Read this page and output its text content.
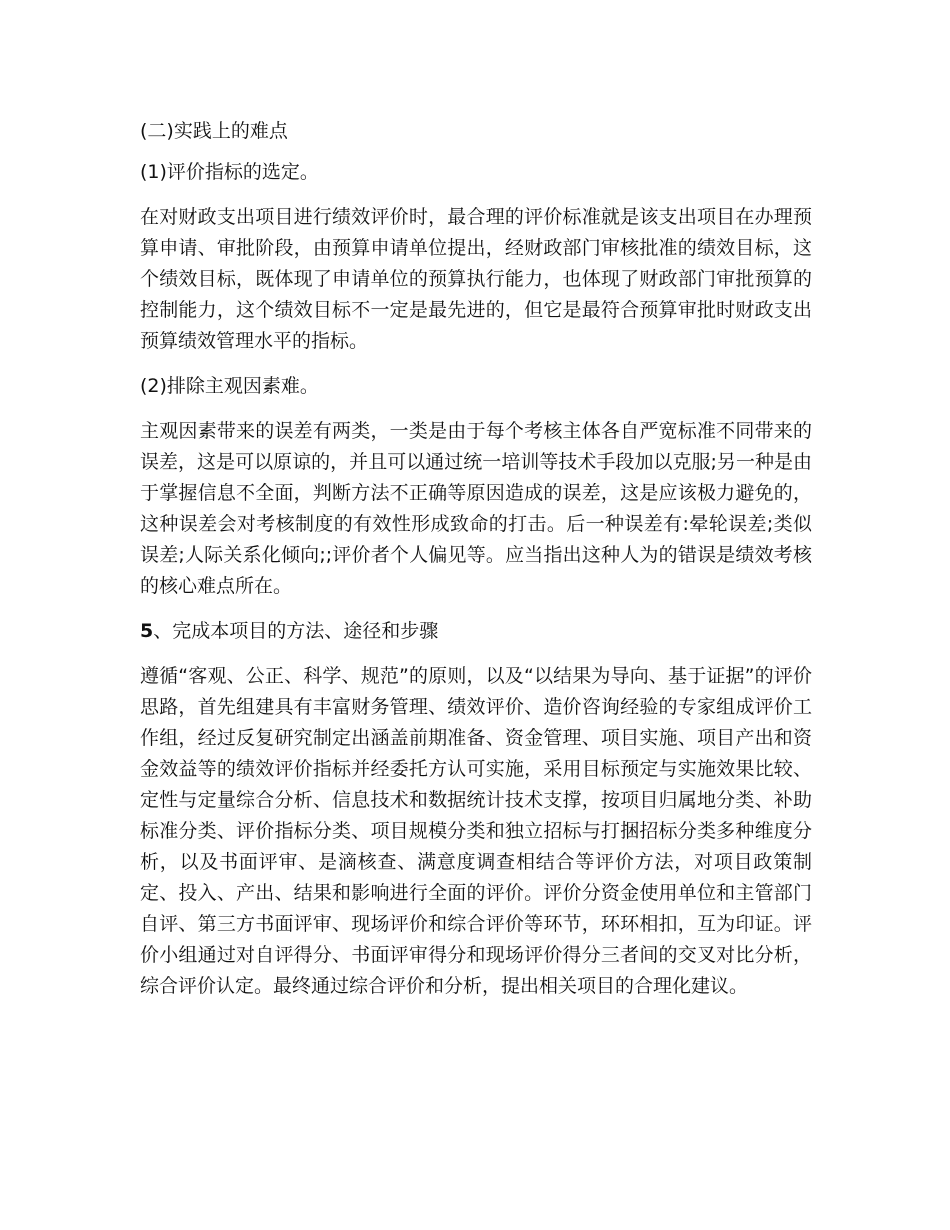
(二)实践上的难点

(1)评价指标的选定。

在对财政支出项目进行绩效评价时，最合理的评价标准就是该支出项目在办理预算申请、审批阶段，由预算申请单位提出，经财政部门审核批准的绩效目标，这个绩效目标，既体现了申请单位的预算执行能力，也体现了财政部门审批预算的控制能力，这个绩效目标不一定是最先进的，但它是最符合预算审批时财政支出预算绩效管理水平的指标。

(2)排除主观因素难。

主观因素带来的误差有两类，一类是由于每个考核主体各自严宽标准不同带来的误差，这是可以原谅的，并且可以通过统一培训等技术手段加以克服;另一种是由于掌握信息不全面，判断方法不正确等原因造成的误差，这是应该极力避免的，这种误差会对考核制度的有效性形成致命的打击。后一种误差有:晕轮误差;类似误差;人际关系化倾向;;评价者个人偏见等。应当指出这种人为的错误是绩效考核的核心难点所在。

5、完成本项目的方法、途径和步骤

遵循“客观、公正、科学、规范”的原则，以及“以结果为导向、基于证据”的评价思路，首先组建具有丰富财务管理、绩效评价、造价咨询经验的专家组成评价工作组，经过反复研究制定出涵盖前期准备、资金管理、项目实施、项目产出和资金效益等的绩效评价指标并经委托方认可实施，采用目标预定与实施效果比较、定性与定量综合分析、信息技术和数据统计技术支撑，按项目归属地分类、补助标准分类、评价指标分类、项目规模分类和独立招标与打捆招标分类多种维度分析，以及书面评审、是滴核查、满意度调查相结合等评价方法，对项目政策制定、投入、产出、结果和影响进行全面的评价。评价分资金使用单位和主管部门自评、第三方书面评审、现场评价和综合评价等环节，环环相扣，互为印证。评价小组通过对自评得分、书面评审得分和现场评价得分三者间的交叉对比分析，综合评价认定。最终通过综合评价和分析，提出相关项目的合理化建议。
